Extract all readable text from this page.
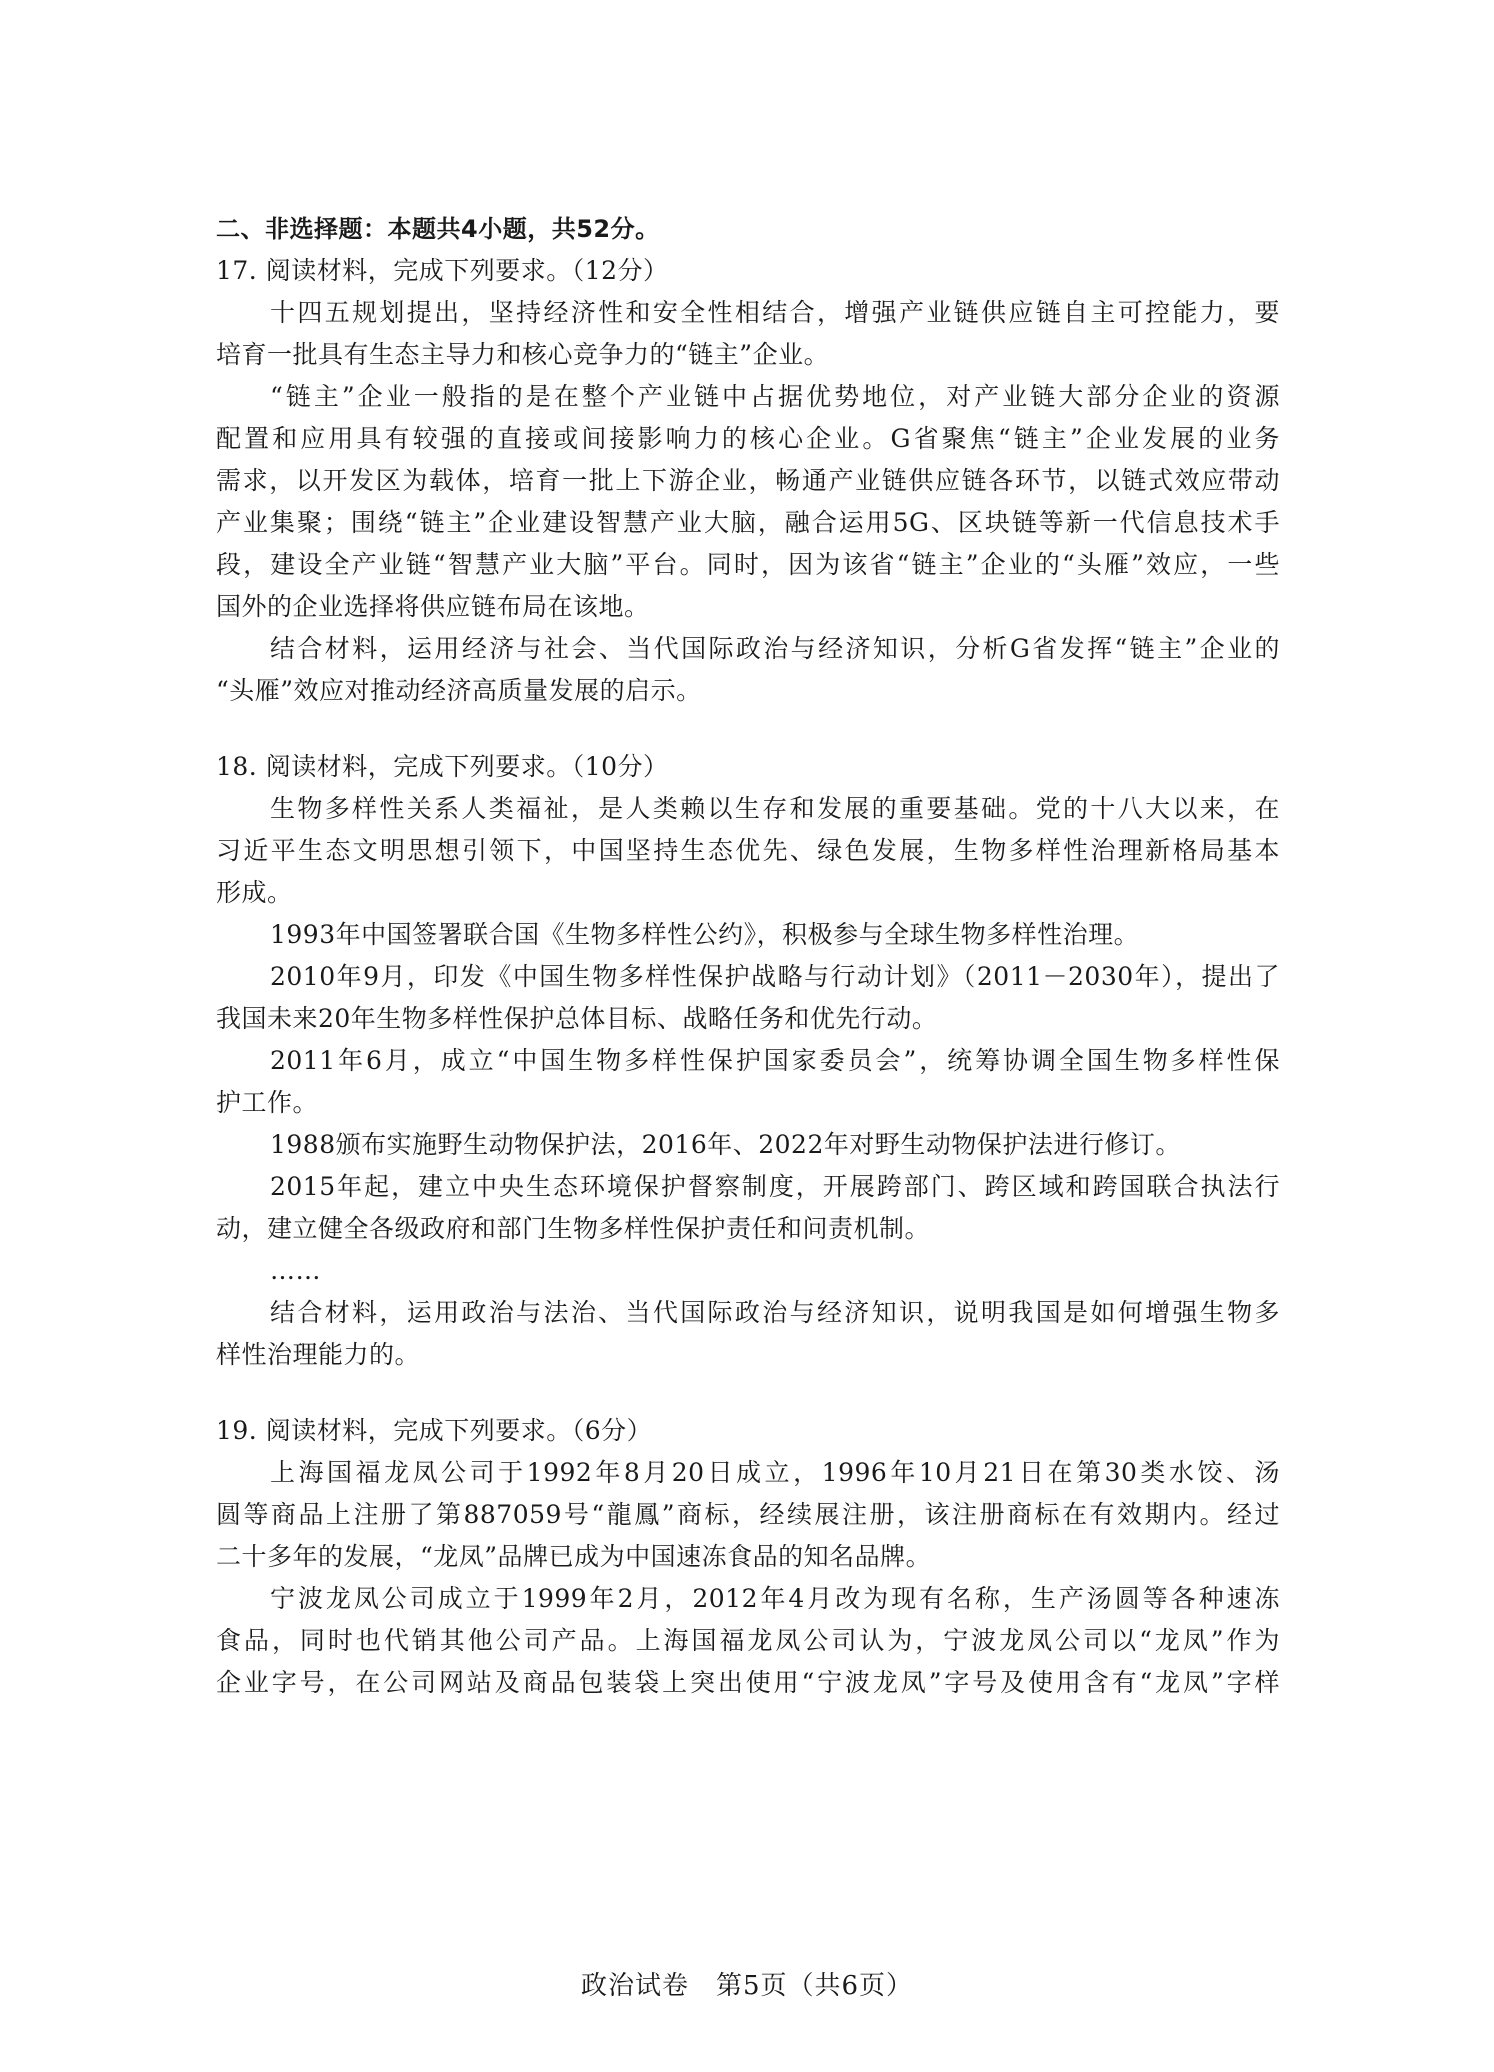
二、非选择题：本题共4小题，共52分。
17. 阅读材料，完成下列要求。（12分）
十四五规划提出，坚持经济性和安全性相结合，增强产业链供应链自主可控能力，要
培育一批具有生态主导力和核心竞争力的“链主”企业。
“链主”企业一般指的是在整个产业链中占据优势地位，对产业链大部分企业的资源
配置和应用具有较强的直接或间接影响力的核心企业。G省聚焦“链主”企业发展的业务
需求，以开发区为载体，培育一批上下游企业，畅通产业链供应链各环节，以链式效应带动
产业集聚；围绕“链主”企业建设智慧产业大脑，融合运用5G、区块链等新一代信息技术手
段，建设全产业链“智慧产业大脑”平台。同时，因为该省“链主”企业的“头雁”效应，一些
国外的企业选择将供应链布局在该地。
结合材料，运用经济与社会、当代国际政治与经济知识，分析G省发挥“链主”企业的
“头雁”效应对推动经济高质量发展的启示。
18. 阅读材料，完成下列要求。（10分）
生物多样性关系人类福祉，是人类赖以生存和发展的重要基础。党的十八大以来，在
习近平生态文明思想引领下，中国坚持生态优先、绿色发展，生物多样性治理新格局基本
形成。
1993年中国签署联合国《生物多样性公约》，积极参与全球生物多样性治理。
2010年9月，印发《中国生物多样性保护战略与行动计划》（2011－2030年），提出了
我国未来20年生物多样性保护总体目标、战略任务和优先行动。
2011年6月，成立“中国生物多样性保护国家委员会”，统筹协调全国生物多样性保
护工作。
1988颁布实施野生动物保护法，2016年、2022年对野生动物保护法进行修订。
2015年起，建立中央生态环境保护督察制度，开展跨部门、跨区域和跨国联合执法行
动，建立健全各级政府和部门生物多样性保护责任和问责机制。
……
结合材料，运用政治与法治、当代国际政治与经济知识，说明我国是如何增强生物多
样性治理能力的。
19. 阅读材料，完成下列要求。（6分）
上海国福龙凤公司于1992年8月20日成立，1996年10月21日在第30类水饺、汤
圆等商品上注册了第887059号“龍鳳”商标，经续展注册，该注册商标在有效期内。经过
二十多年的发展，“龙凤”品牌已成为中国速冻食品的知名品牌。
宁波龙凤公司成立于1999年2月，2012年4月改为现有名称，生产汤圆等各种速冻
食品，同时也代销其他公司产品。上海国福龙凤公司认为，宁波龙凤公司以“龙凤”作为
企业字号，在公司网站及商品包装袋上突出使用“宁波龙凤”字号及使用含有“龙凤”字样
政治试卷　第5页（共6页）
